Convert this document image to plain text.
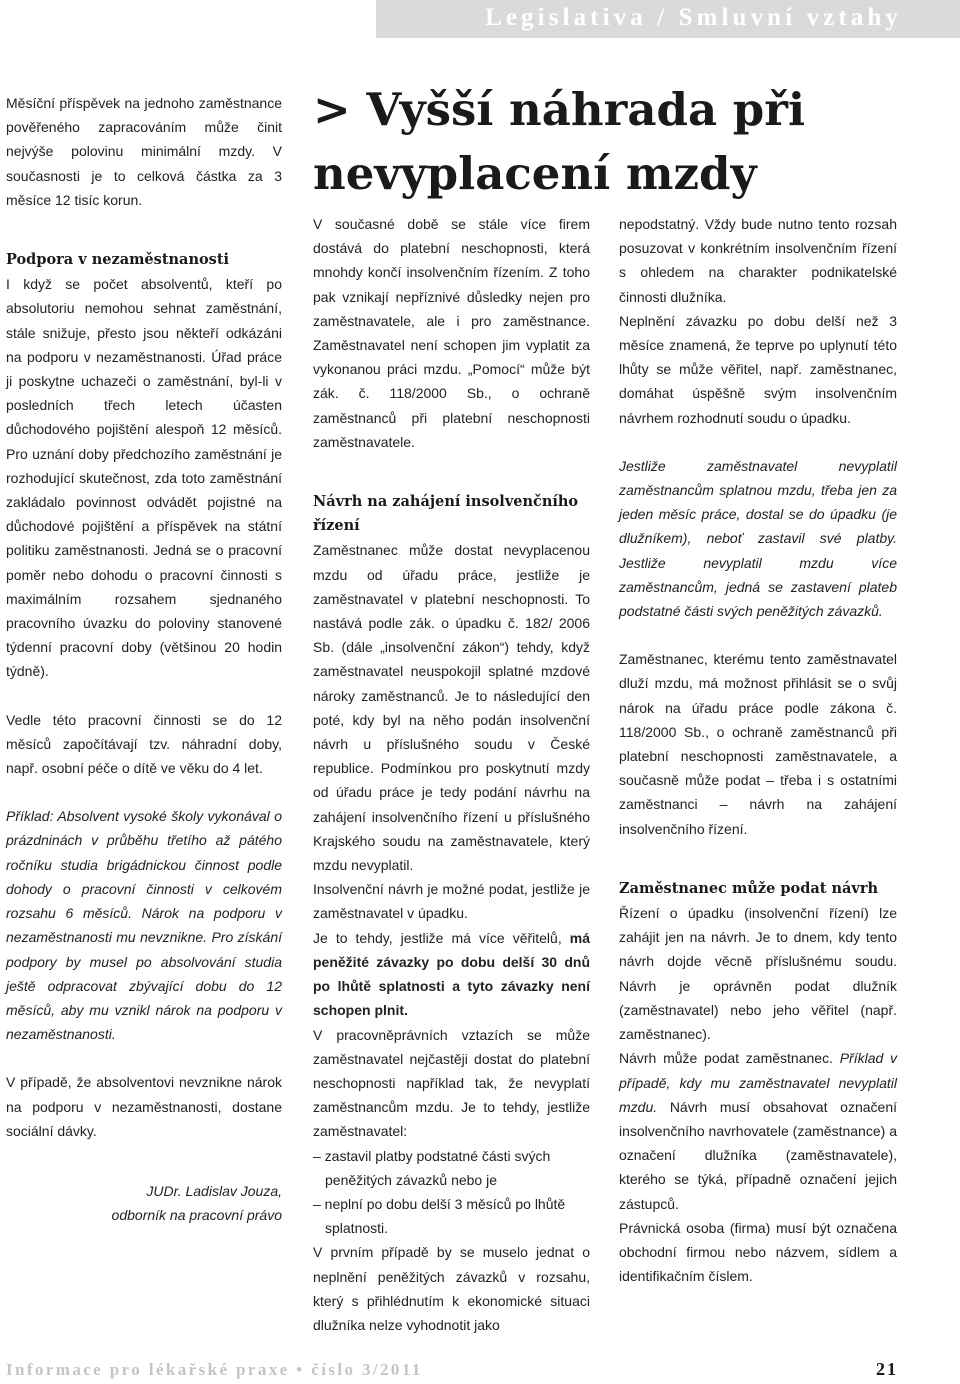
Legislativa / Smluvní vztahy
> Vyšší náhrada při nevyplacení mzdy

Měsíční příspěvek na jednoho zaměstnance pověřeného zapracováním může činit nejvýše polovinu minimální mzdy. V současnosti je to celková částka za 3 měsíce 12 tisíc korun.

Podpora v nezaměstnanosti

I když se počet absolventů, kteří po absolutoriu nemohou sehnat zaměstnání, stále snižuje, přesto jsou někteří odkázáni na podporu v nezaměstnanosti. Úřad práce ji poskytne uchazeči o zaměstnání, byl-li v posledních třech letech účasten důchodového pojištění alespoň 12 měsíců. Pro uznání doby předchozího zaměstnání je rozhodující skutečnost, zda toto zaměstnání zakládalo povinnost odvádět pojistné na důchodové pojištění a příspěvek na státní politiku zaměstnanosti. Jedná se o pracovní poměr nebo dohodu o pracovní činnosti s maximálním rozsahem sjednaného pracovního úvazku do poloviny stanovené týdenní pracovní doby (většinou 20 hodin týdně).

Vedle této pracovní činnosti se do 12 měsíců započítávají tzv. náhradní doby, např. osobní péče o dítě ve věku do 4 let.

Příklad: Absolvent vysoké školy vykonával o prázdninách v průběhu třetího až pátého ročníku studia brigádnickou činnost podle dohody o pracovní činnosti v celkovém rozsahu 6 měsíců. Nárok na podporu v nezaměstnanosti mu nevznikne. Pro získání podpory by musel po absolvování studia ještě odpracovat zbývající dobu do 12 měsíců, aby mu vznikl nárok na podporu v nezaměstnanosti.

V případě, že absolventovi nevznikne nárok na podporu v nezaměstnanosti, dostane sociální dávky.

JUDr. Ladislav Jouza,

odborník na pracovní právo

V současné době se stále více firem dostává do platební neschopnosti, která mnohdy končí insolvenčním řízením. Z toho pak vznikají nepříznivé důsledky nejen pro zaměstnavatele, ale i pro zaměstnance. Zaměstnavatel není schopen jim vyplatit za vykonanou práci mzdu. „Pomocí“ může být zák. č. 118/2000 Sb., o ochraně zaměstnanců při platební neschopnosti zaměstnavatele.

Návrh na zahájení insolvenčního řízení

Zaměstnanec může dostat nevyplacenou mzdu od úřadu práce, jestliže je zaměstnavatel v platební neschopnosti. To nastává podle zák. o úpadku č. 182/ 2006 Sb. (dále „insolvenční zákon“) tehdy, když zaměstnavatel neuspokojil splatné mzdové nároky zaměstnanců. Je to následující den poté, kdy byl na něho podán insolvenční návrh u příslušného soudu v České republice. Podmínkou pro poskytnutí mzdy od úřadu práce je tedy podání návrhu na zahájení insolvenčního řízení u příslušného Krajského soudu na zaměstnavatele, který mzdu nevyplatil.

Insolvenční návrh je možné podat, jestliže je zaměstnavatel v úpadku.

Je to tehdy, jestliže má více věřitelů, má peněžité závazky po dobu delší 30 dnů po lhůtě splatnosti a tyto závazky není schopen plnit.

V pracovněprávních vztazích se může zaměstnavatel nejčastěji dostat do platební neschopnosti například tak, že nevyplatí zaměstnancům mzdu. Je to tehdy, jestliže zaměstnavatel:

– zastavil platby podstatné části svých peněžitých závazků nebo je

– neplní po dobu delší 3 měsíců po lhůtě splatnosti.

V prvním případě by se muselo jednat o neplnění peněžitých závazků v rozsahu, který s přihlédnutím k ekonomické situaci dlužníka nelze vyhodnotit jako

nepodstatný. Vždy bude nutno tento rozsah posuzovat v konkrétním insolvenčním řízení s ohledem na charakter podnikatelské činnosti dlužníka.

Neplnění závazku po dobu delší než 3 měsíce znamená, že teprve po uplynutí této lhůty se může věřitel, např. zaměstnanec, domáhat úspěšně svým insolvenčním návrhem rozhodnutí soudu o úpadku.

Jestliže zaměstnavatel nevyplatil zaměstnancům splatnou mzdu, třeba jen za jeden měsíc práce, dostal se do úpadku (je dlužníkem), neboť zastavil své platby. Jestliže nevyplatil mzdu více zaměstnancům, jedná se zastavení plateb podstatné části svých peněžitých závazků.

Zaměstnanec, kterému tento zaměstnavatel dluží mzdu, má možnost přihlásit se o svůj nárok na úřadu práce podle zákona č. 118/2000 Sb., o ochraně zaměstnanců při platební neschopnosti zaměstnavatele, a současně může podat – třeba i s ostatními zaměstnanci – návrh na zahájení insolvenčního řízení.

Zaměstnanec může podat návrh

Řízení o úpadku (insolvenční řízení) lze zahájit jen na návrh. Je to dnem, kdy tento návrh dojde věcně příslušnému soudu. Návrh je oprávněn podat dlužník (zaměstnavatel) nebo jeho věřitel (např. zaměstnanec).

Návrh může podat zaměstnanec. Příklad v případě, kdy mu zaměstnavatel nevyplatil mzdu. Návrh musí obsahovat označení insolvenčního navrhovatele (zaměstnance) a označení dlužníka (zaměstnavatele), kterého se týká, případně označení jejich zástupců.

Právnická osoba (firma) musí být označena obchodní firmou nebo názvem, sídlem a identifikačním číslem.

Informace pro lékařské praxe • číslo 3/2011	21
